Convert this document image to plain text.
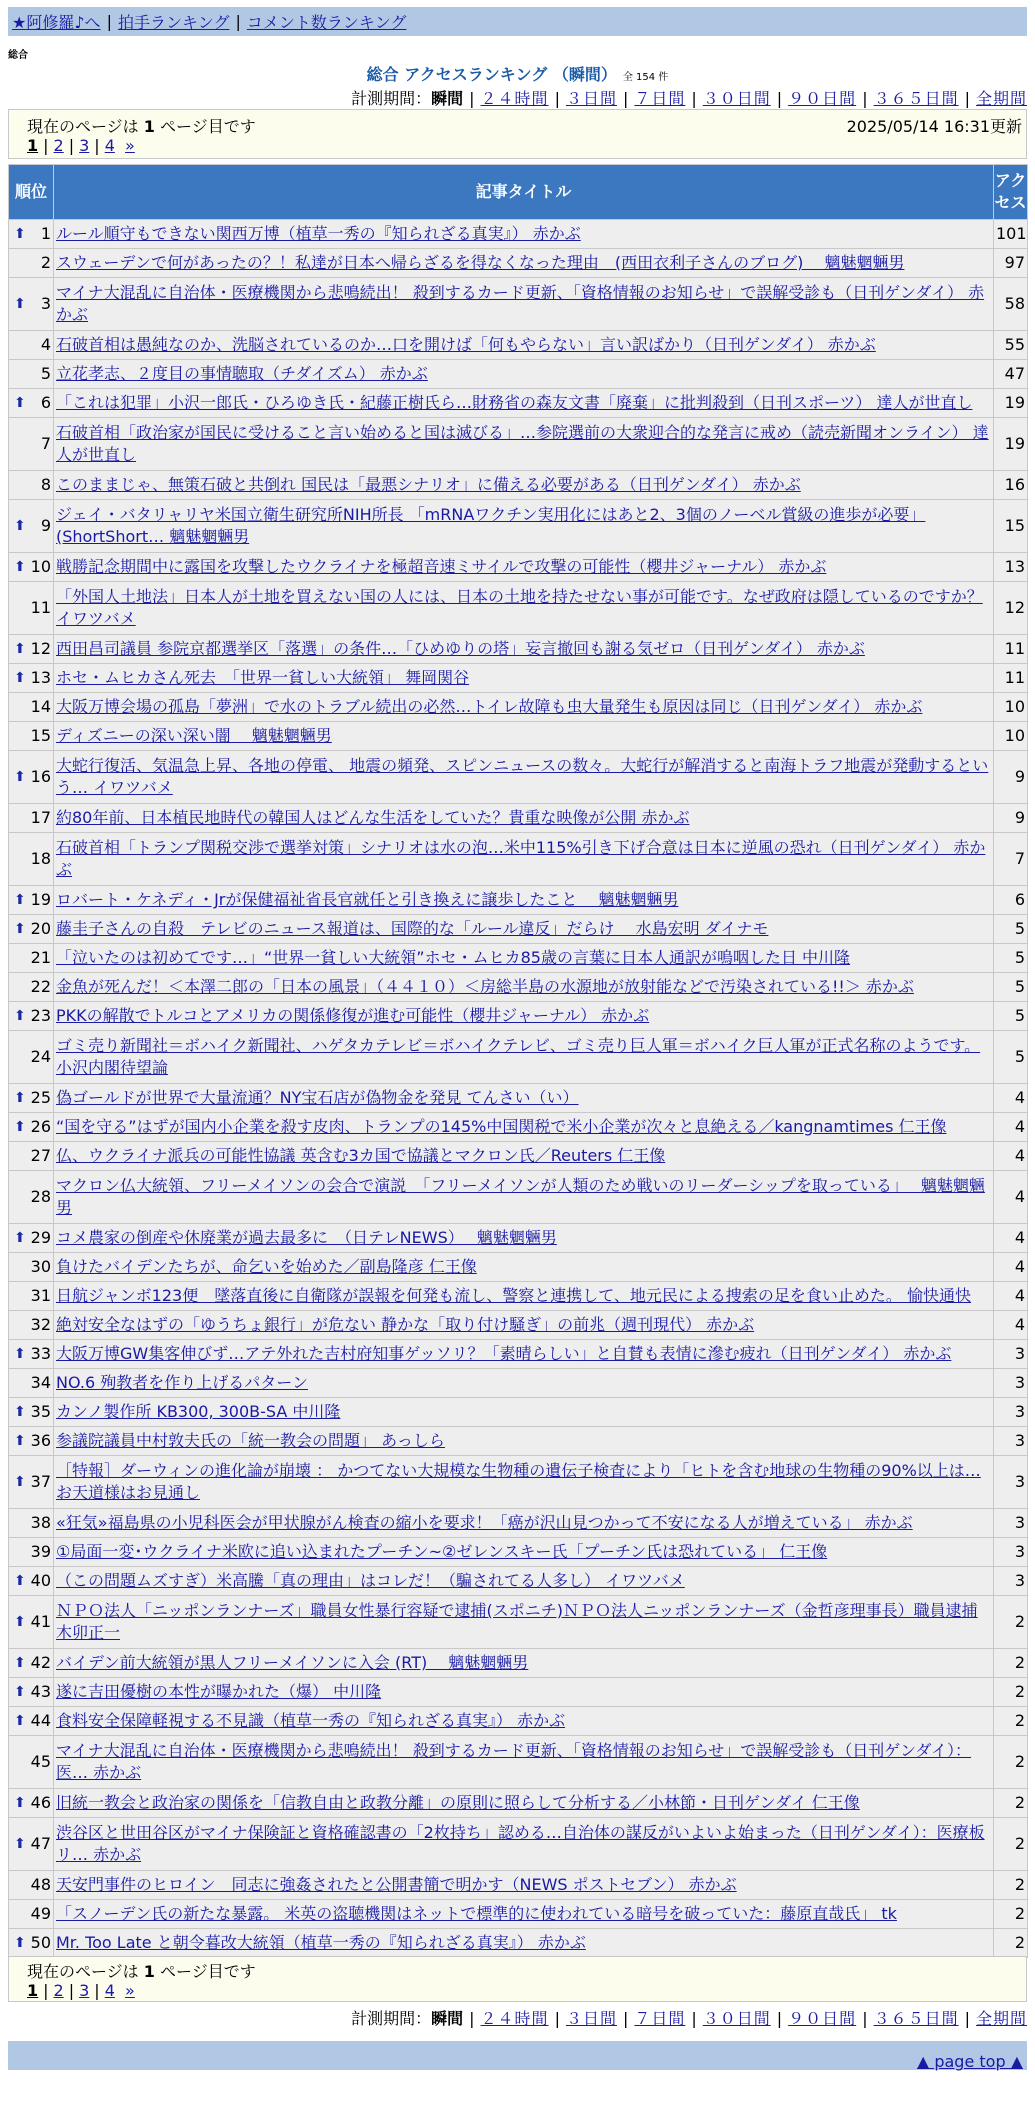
★阿修羅♪へ | 拍手ランキング | コメント数ランキング
総合
総合 アクセスランキング （瞬間） 全 154 件
計測期間：瞬間 | ２４時間 | ３日間 | ７日間 | ３０日間 | ９０日間 | ３６５日間 | 全期間
現在のページは 1 ページ目です	2025/05/14 16:31更新
1 | 2 | 3 | 4 »
順位	記事タイトル	アクセス

⬆ 1	ルール順守もできない関西万博（植草一秀の『知られざる真実』） 赤かぶ	101
2	スウェーデンで何があったの？！私達が日本へ帰らざるを得なくなった理由　(西田衣利子さんのブログ)　 魑魅魍魎男	97

⬆ 3	マイナ大混乱に自治体・医療機関から悲鳴続出！ 殺到するカード更新、「資格情報のお知らせ」で誤解受診も（日刊ゲンダイ） 赤かぶ	58
4	石破首相は愚純なのか、洗脳されているのか…口を開けば「何もやらない」言い訳ばかり（日刊ゲンダイ） 赤かぶ	55
5	立花孝志、２度目の事情聴取（チダイズム） 赤かぶ	47

⬆ 6	「これは犯罪」小沢一郎氏・ひろゆき氏・紀藤正樹氏ら…財務省の森友文書「廃棄」に批判殺到（日刊スポーツ） 達人が世直し	19
7	石破首相「政治家が国民に受けること言い始めると国は滅びる」…参院選前の大衆迎合的な発言に戒め（読売新聞オンライン） 達人が世直し	19
8	このままじゃ、無策石破と共倒れ 国民は「最悪シナリオ」に備える必要がある（日刊ゲンダイ） 赤かぶ	16

⬆ 9	ジェイ・バタリャリヤ米国立衛生研究所NIH所長 「mRNAワクチン実用化にはあと2、3個のノーベル賞級の進歩が必要」(ShortShort… 魑魅魍魎男	15

⬆ 10	戦勝記念期間中に露国を攻撃したウクライナを極超音速ミサイルで攻撃の可能性（櫻井ジャーナル） 赤かぶ	13
11	「外国人土地法」日本人が土地を買えない国の人には、日本の土地を持たせない事が可能です。なぜ政府は隠しているのですか？ イワツバメ	12

⬆ 12	西田昌司議員 参院京都選挙区「落選」の条件…「ひめゆりの塔」妄言撤回も謝る気ゼロ（日刊ゲンダイ） 赤かぶ	11

⬆ 13	ホセ・ムヒカさん死去　「世界一貧しい大統領」 舞岡関谷	11
14	大阪万博会場の孤島「夢洲」で水のトラブル続出の必然…トイレ故障も虫大量発生も原因は同じ（日刊ゲンダイ） 赤かぶ	10
15	ディズニーの深い深い闇　 魑魅魍魎男	10

⬆ 16	大蛇行復活、気温急上昇、各地の停電、 地震の頻発、スピンニュースの数々。大蛇行が解消すると南海トラフ地震が発動するという… イワツバメ	9
17	約80年前、日本植民地時代の韓国人はどんな生活をしていた？貴重な映像が公開 赤かぶ	9
18	石破首相「トランプ関税交渉で選挙対策」シナリオは水の泡…米中115%引き下げ合意は日本に逆風の恐れ（日刊ゲンダイ） 赤かぶ	7

⬆ 19	ロバート・ケネディ・Jrが保健福祉省長官就任と引き換えに譲歩したこと　 魑魅魍魎男	6

⬆ 20	藤圭子さんの自殺　テレビのニュース報道は、国際的な「ルール違反」だらけ　 水島宏明 ダイナモ	5
21	「泣いたのは初めてです…」“世界一貧しい大統領”ホセ・ムヒカ85歳の言葉に日本人通訳が嗚咽した日 中川隆	5
22	金魚が死んだ！＜本澤二郎の「日本の風景」（４４１０）＜房総半島の水源地が放射能などで汚染されている!!＞ 赤かぶ	5

⬆ 23	PKKの解散でトルコとアメリカの関係修復が進む可能性（櫻井ジャーナル） 赤かぶ	5
24	ゴミ売り新聞社＝ボハイク新聞社、ハゲタカテレビ＝ボハイクテレビ、ゴミ売り巨人軍＝ボハイク巨人軍が正式名称のようです。 小沢内閣待望論	5

⬆ 25	偽ゴールドが世界で大量流通？NY宝石店が偽物金を発見 てんさい（い）	4

⬆ 26	“国を守る”はずが国内小企業を殺す皮肉、トランプの145%中国関税で米小企業が次々と息絶える／kangnamtimes 仁王像	4
27	仏、ウクライナ派兵の可能性協議 英含む3カ国で協議とマクロン氏／Reuters 仁王像	4
28	マクロン仏大統領、フリーメイソンの会合で演説　「フリーメイソンが人類のため戦いのリーダーシップを取っている」　 魑魅魍魎男	4

⬆ 29	コメ農家の倒産や休廃業が過去最多に　（日テレNEWS）　 魑魅魍魎男	4
30	負けたバイデンたちが、命乞いを始めた／副島隆彦 仁王像	4
31	日航ジャンボ123便　墜落直後に自衛隊が誤報を何発も流し、警察と連携して、地元民による捜索の足を食い止めた。 愉快通快	4
32	絶対安全なはずの「ゆうちょ銀行」が危ない 静かな「取り付け騒ぎ」の前兆（週刊現代） 赤かぶ	4

⬆ 33	大阪万博GW集客伸びず…アテ外れた吉村府知事ゲッソリ？「素晴らしい」と自賛も表情に滲む疲れ（日刊ゲンダイ） 赤かぶ	3
34	NO.6 殉教者を作り上げるパターン	3

⬆ 35	カンノ製作所 KB300, 300B-SA 中川隆	3

⬆ 36	参議院議員中村敦夫氏の「統一教会の問題」 あっしら	3

⬆ 37	［特報］ダーウィンの進化論が崩壊 ： かつてない大規模な生物種の遺伝子検査により「ヒトを含む地球の生物種の90%以上は… お天道様はお見通し	3
38	«狂気»福島県の小児科医会が甲状腺がん検査の縮小を要求！「癌が沢山見つかって不安になる人が増えている」 赤かぶ	3
39	①局面一変･ウクライナ米欧に追い込まれたプーチン~②ゼレンスキー氏「プーチン氏は恐れている」 仁王像	3

⬆ 40	（この問題ムズすぎ）米高騰「真の理由」はコレだ！（騙されてる人多し） イワツバメ	3

⬆ 41	ＮＰＯ法人「ニッポンランナーズ」職員女性暴行容疑で逮捕(スポニチ)ＮＰＯ法人ニッポンランナーズ（金哲彦理事長）職員逮捕 木卯正一	2

⬆ 42	バイデン前大統領が黒人フリーメイソンに入会 (RT)　 魑魅魍魎男	2

⬆ 43	遂に吉田優樹の本性が曝かれた（爆） 中川隆	2

⬆ 44	食料安全保障軽視する不見識（植草一秀の『知られざる真実』） 赤かぶ	2
45	マイナ大混乱に自治体・医療機関から悲鳴続出！ 殺到するカード更新、「資格情報のお知らせ」で誤解受診も（日刊ゲンダイ）：医… 赤かぶ	2

⬆ 46	旧統一教会と政治家の関係を「信教自由と政教分離」の原則に照らして分析する／小林節・日刊ゲンダイ 仁王像	2

⬆ 47	渋谷区と世田谷区がマイナ保険証と資格確認書の「2枚持ち」認める…自治体の謀反がいよいよ始まった（日刊ゲンダイ）：医療板リ… 赤かぶ	2
48	天安門事件のヒロイン　同志に強姦されたと公開書簡で明かす（NEWS ポストセブン） 赤かぶ	2
49	「スノーデン氏の新たな暴露。 米英の盗聴機関はネットで標準的に使われている暗号を破っていた：藤原直哉氏」 tk	2

⬆ 50	Mr. Too Late と朝令暮改大統領（植草一秀の『知られざる真実』） 赤かぶ	2
現在のページは 1 ページ目です
1 | 2 | 3 | 4 »
計測期間：瞬間 | ２４時間 | ３日間 | ７日間 | ３０日間 | ９０日間 | ３６５日間 | 全期間
▲ page top ▲
